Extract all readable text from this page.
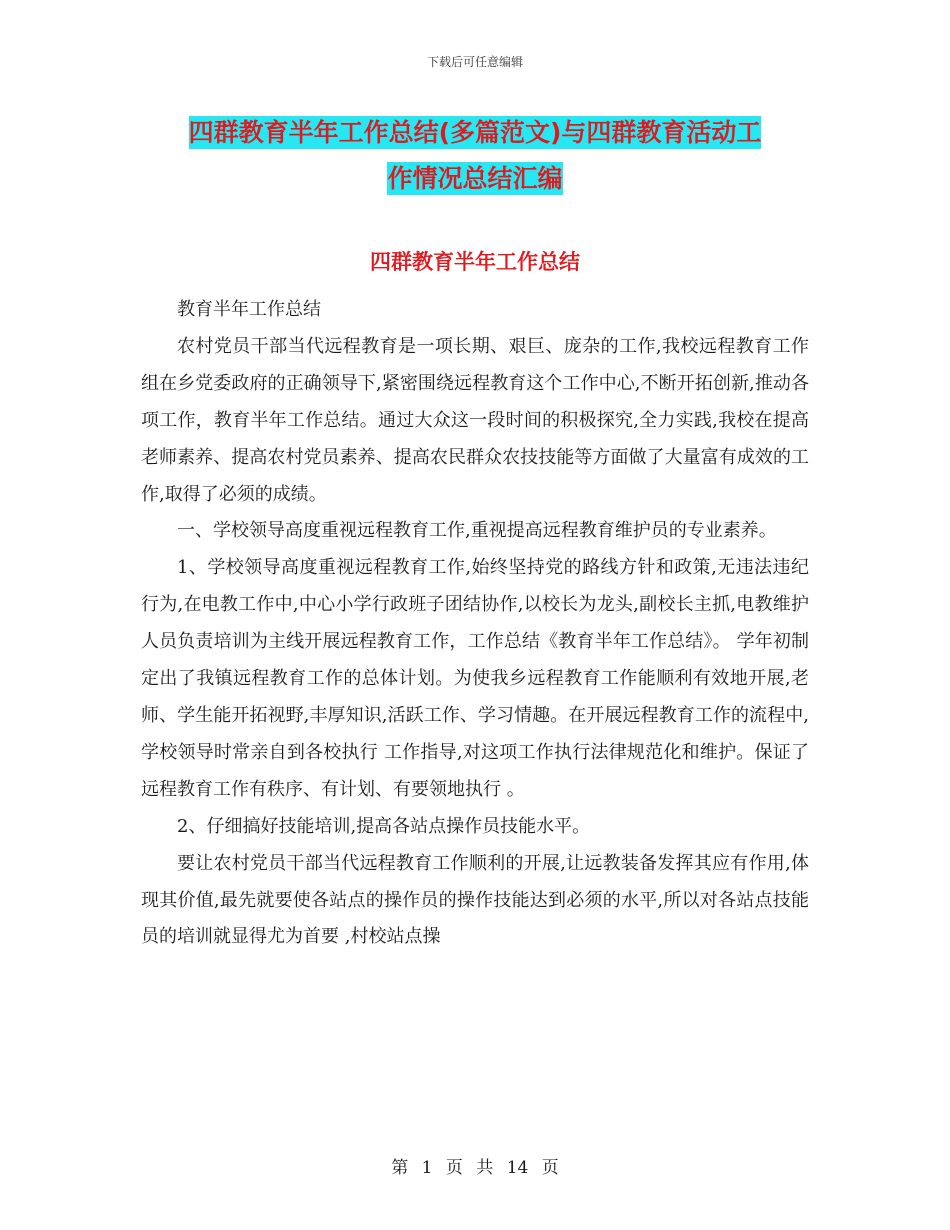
下载后可任意编辑
四群教育半年工作总结(多篇范文)与四群教育活动工
作情况总结汇编
四群教育半年工作总结

教育半年工作总结

农村党员干部当代远程教育是一项长期、艰巨、庞杂的工作,我校远程教育工作组在乡党委政府的正确领导下,紧密围绕远程教育这个工作中心,不断开拓创新,推动各项工作，教育半年工作总结。通过大众这一段时间的积极探究,全力实践,我校在提高老师素养、提高农村党员素养、提高农民群众农技技能等方面做了大量富有成效的工作,取得了必须的成绩。

一、学校领导高度重视远程教育工作,重视提高远程教育维护员的专业素养。

1、学校领导高度重视远程教育工作,始终坚持党的路线方针和政策,无违法违纪行为,在电教工作中,中心小学行政班子团结协作,以校长为龙头,副校长主抓,电教维护人员负责培训为主线开展远程教育工作，工作总结《教育半年工作总结》。 学年初制定出了我镇远程教育工作的总体计划。为使我乡远程教育工作能顺利有效地开展,老师、学生能开拓视野,丰厚知识,活跃工作、学习情趣。在开展远程教育工作的流程中,学校领导时常亲自到各校执行 工作指导,对这项工作执行法律规范化和维护。保证了远程教育工作有秩序、有计划、有要领地执行 。

2、仔细搞好技能培训,提高各站点操作员技能水平。

要让农村党员干部当代远程教育工作顺利的开展,让远教装备发挥其应有作用,体现其价值,最先就要使各站点的操作员的操作技能达到必须的水平,所以对各站点技能员的培训就显得尤为首要 ,村校站点操

第 1 页 共 14 页
